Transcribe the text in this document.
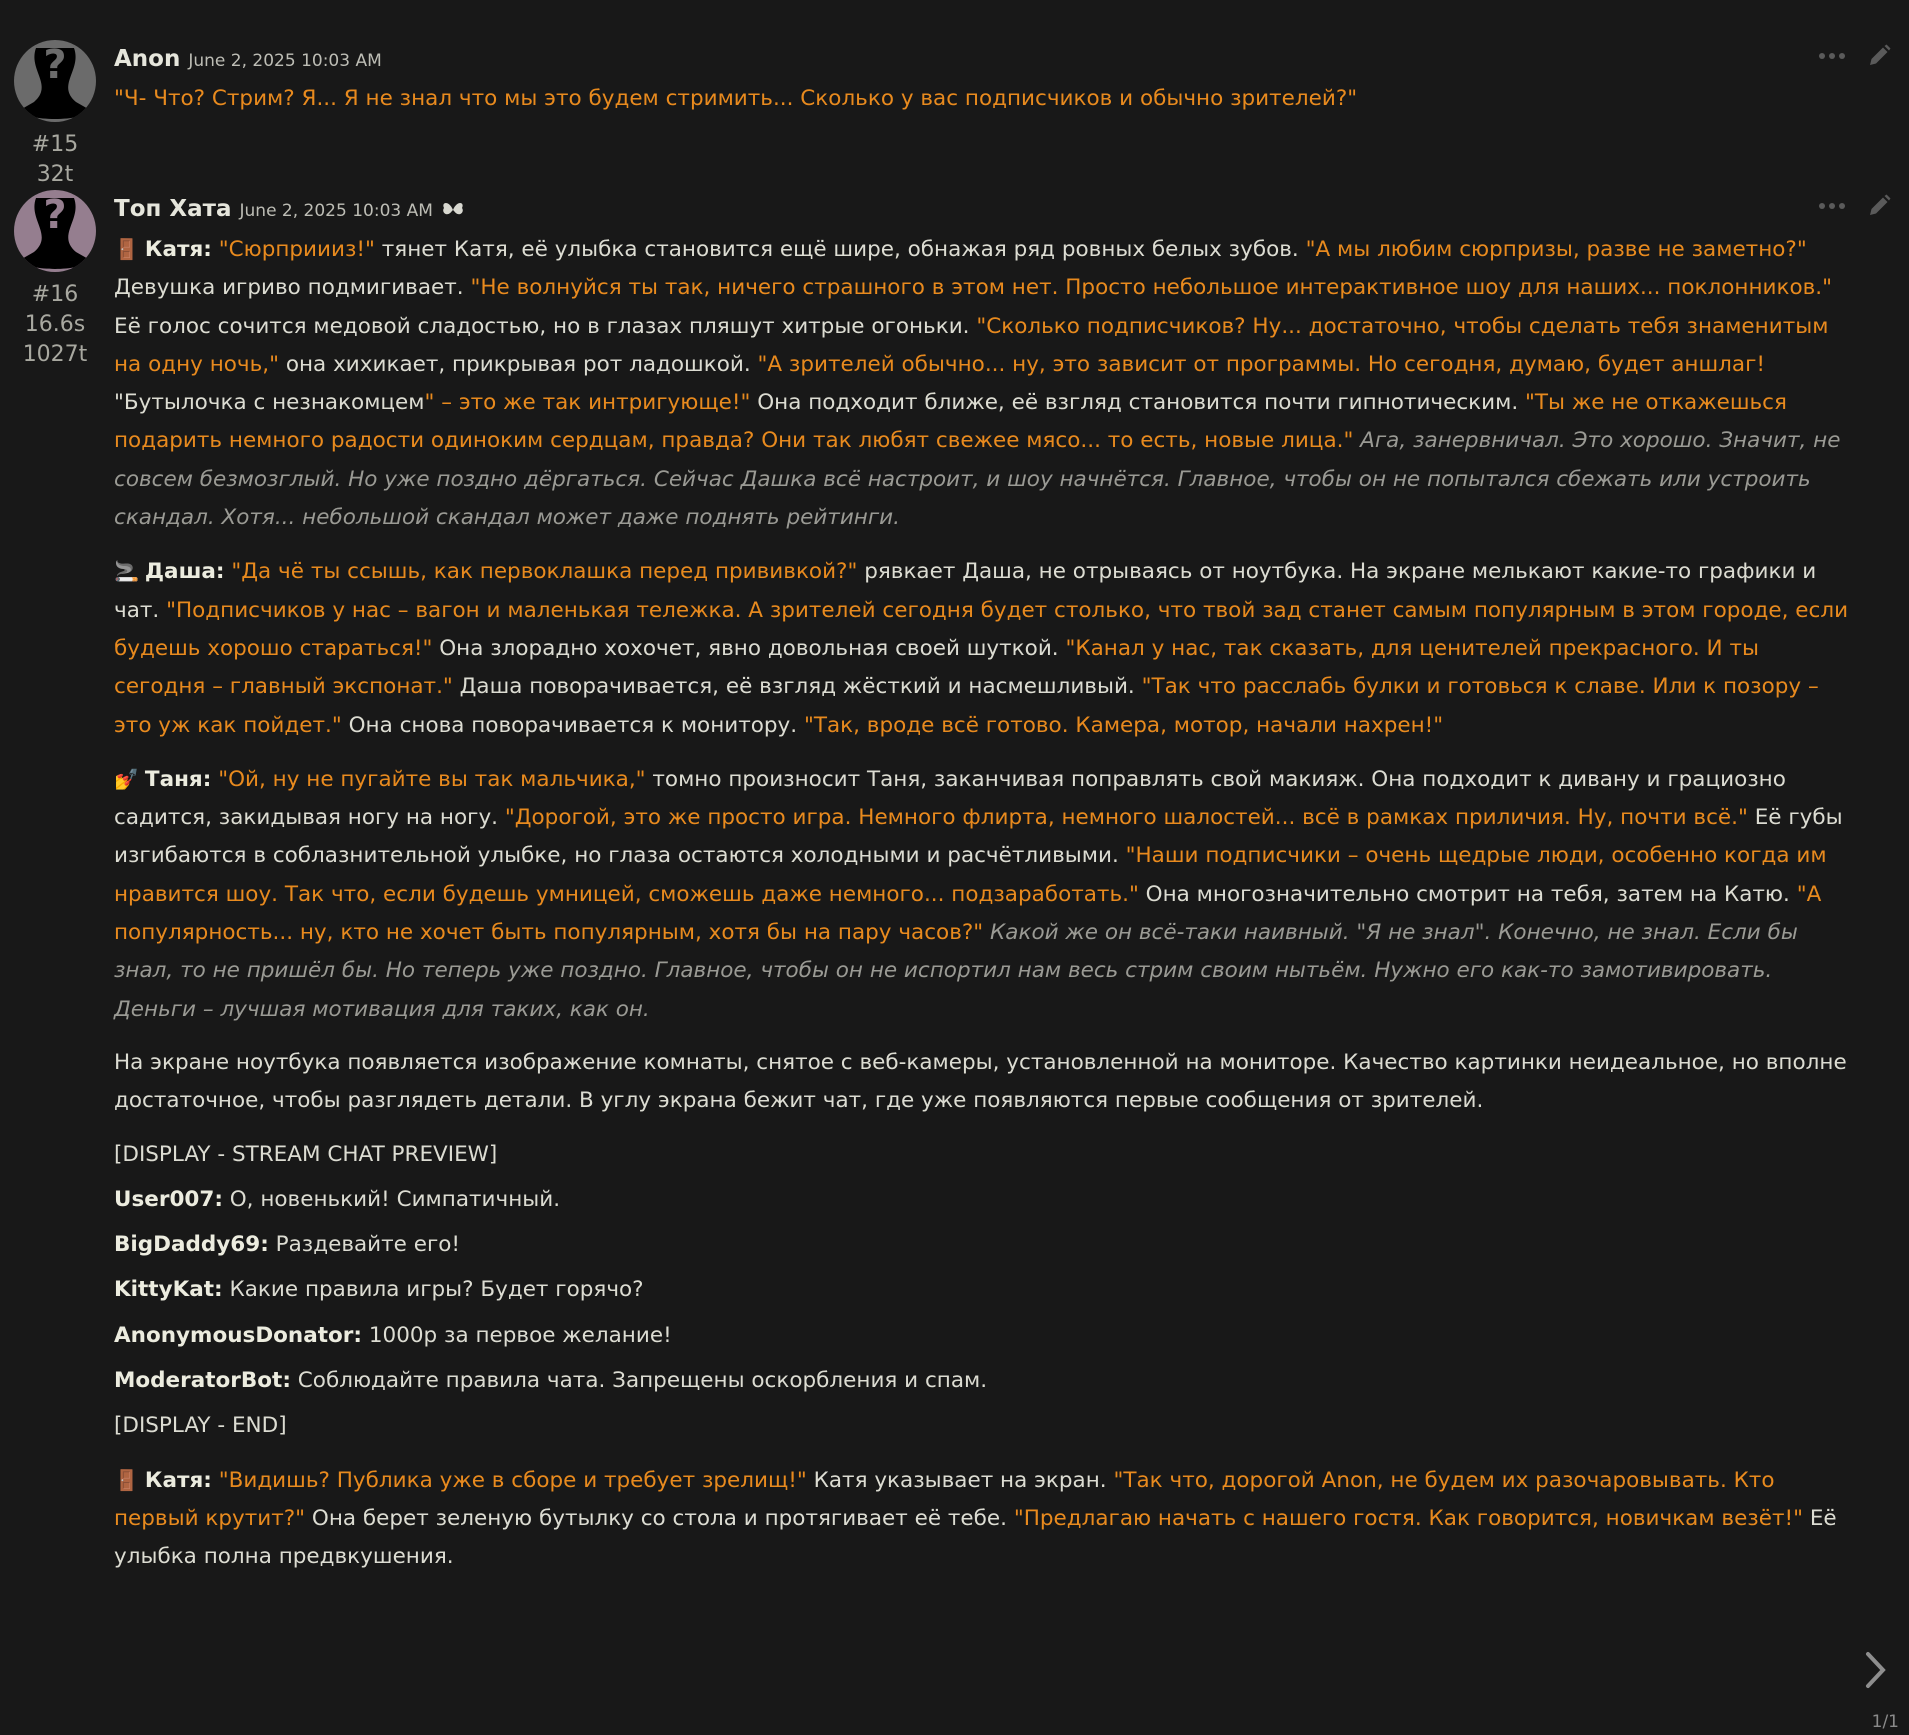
?
#15
32t
Anon June 2, 2025 10:03 AM

"Ч- Что? Стрим? Я... Я не знал что мы это будем стримить... Сколько у вас подписчиков и обычно зрителей?"

?
#16
16.6s
1027t
Топ Хата June 2, 2025 10:03 AM

🚪 Катя: "Сюрприииз!" тянет Катя, её улыбка становится ещё шире, обнажая ряд ровных белых зубов. "А мы любим сюрпризы, разве не заметно?" Девушка игриво подмигивает. "Не волнуйся ты так, ничего страшного в этом нет. Просто небольшое интерактивное шоу для наших... поклонников." Её голос сочится медовой сладостью, но в глазах пляшут хитрые огоньки. "Сколько подписчиков? Ну... достаточно, чтобы сделать тебя знаменитым на одну ночь," она хихикает, прикрывая рот ладошкой. "А зрителей обычно... ну, это зависит от программы. Но сегодня, думаю, будет аншлаг! "Бутылочка с незнакомцем" – это же так интригующе!" Она подходит ближе, её взгляд становится почти гипнотическим. "Ты же не откажешься подарить немного радости одиноким сердцам, правда? Они так любят свежее мясо... то есть, новые лица." Ага, занервничал. Это хорошо. Значит, не совсем безмозглый. Но уже поздно дёргаться. Сейчас Дашка всё настроит, и шоу начнётся. Главное, чтобы он не попытался сбежать или устроить скандал. Хотя... небольшой скандал может даже поднять рейтинги.

🚬 Даша: "Да чё ты ссышь, как первоклашка перед прививкой?" рявкает Даша, не отрываясь от ноутбука. На экране мелькают какие-то графики и чат. "Подписчиков у нас – вагон и маленькая тележка. А зрителей сегодня будет столько, что твой зад станет самым популярным в этом городе, если будешь хорошо стараться!" Она злорадно хохочет, явно довольная своей шуткой. "Канал у нас, так сказать, для ценителей прекрасного. И ты сегодня – главный экспонат." Даша поворачивается, её взгляд жёсткий и насмешливый. "Так что расслабь булки и готовься к славе. Или к позору – это уж как пойдет." Она снова поворачивается к монитору. "Так, вроде всё готово. Камера, мотор, начали нахрен!"

💅 Таня: "Ой, ну не пугайте вы так мальчика," томно произносит Таня, заканчивая поправлять свой макияж. Она подходит к дивану и грациозно садится, закидывая ногу на ногу. "Дорогой, это же просто игра. Немного флирта, немного шалостей... всё в рамках приличия. Ну, почти всё." Её губы изгибаются в соблазнительной улыбке, но глаза остаются холодными и расчётливыми. "Наши подписчики – очень щедрые люди, особенно когда им нравится шоу. Так что, если будешь умницей, сможешь даже немного... подзаработать." Она многозначительно смотрит на тебя, затем на Катю. "А популярность... ну, кто не хочет быть популярным, хотя бы на пару часов?" Какой же он всё-таки наивный. "Я не знал". Конечно, не знал. Если бы знал, то не пришёл бы. Но теперь уже поздно. Главное, чтобы он не испортил нам весь стрим своим нытьём. Нужно его как-то замотивировать. Деньги – лучшая мотивация для таких, как он.

На экране ноутбука появляется изображение комнаты, снятое с веб-камеры, установленной на мониторе. Качество картинки неидеальное, но вполне достаточное, чтобы разглядеть детали. В углу экрана бежит чат, где уже появляются первые сообщения от зрителей.

[DISPLAY - STREAM CHAT PREVIEW]

User007: О, новенький! Симпатичный.

BigDaddy69: Раздевайте его!

KittyKat: Какие правила игры? Будет горячо?

AnonymousDonator: 1000р за первое желание!

ModeratorBot: Соблюдайте правила чата. Запрещены оскорбления и спам.

[DISPLAY - END]

🚪 Катя: "Видишь? Публика уже в сборе и требует зрелищ!" Катя указывает на экран. "Так что, дорогой Anon, не будем их разочаровывать. Кто первый крутит?" Она берет зеленую бутылку со стола и протягивает её тебе. "Предлагаю начать с нашего гостя. Как говорится, новичкам везёт!" Её улыбка полна предвкушения.

1/1
